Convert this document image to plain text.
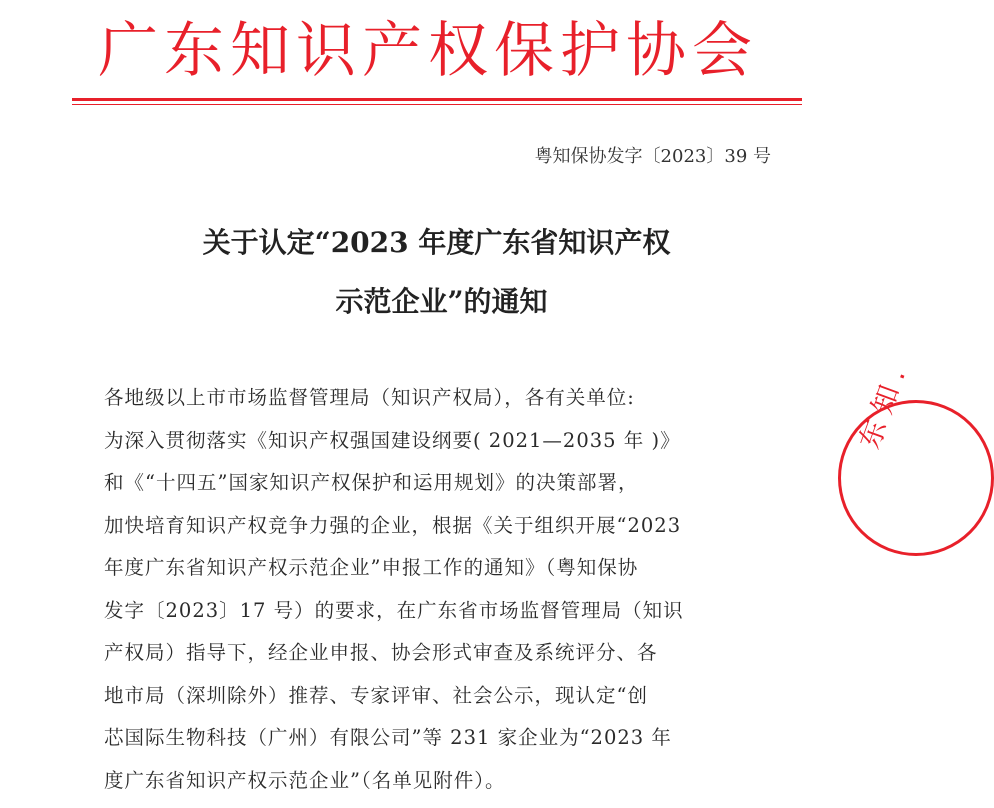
广东知识产权保护协会
粤知保协发字〔2023〕39 号
关于认定“2023 年度广东省知识产权
示范企业”的通知
各地级以上市市场监督管理局（知识产权局），各有关单位:
为深入贯彻落实《知识产权强国建设纲要( 2021—2035 年 )》
和《“十四五”国家知识产权保护和运用规划》的决策部署，
加快培育知识产权竞争力强的企业，根据《关于组织开展“2023
年度广东省知识产权示范企业”申报工作的通知》（粤知保协
发字〔2023〕17 号）的要求，在广东省市场监督管理局（知识
产权局）指导下，经企业申报、协会形式审查及系统评分、各
地市局（深圳除外）推荐、专家评审、社会公示，现认定“创
芯国际生物科技（广州）有限公司”等 231 家企业为“2023 年
度广东省知识产权示范企业”（名单见附件）。
东 知 .
